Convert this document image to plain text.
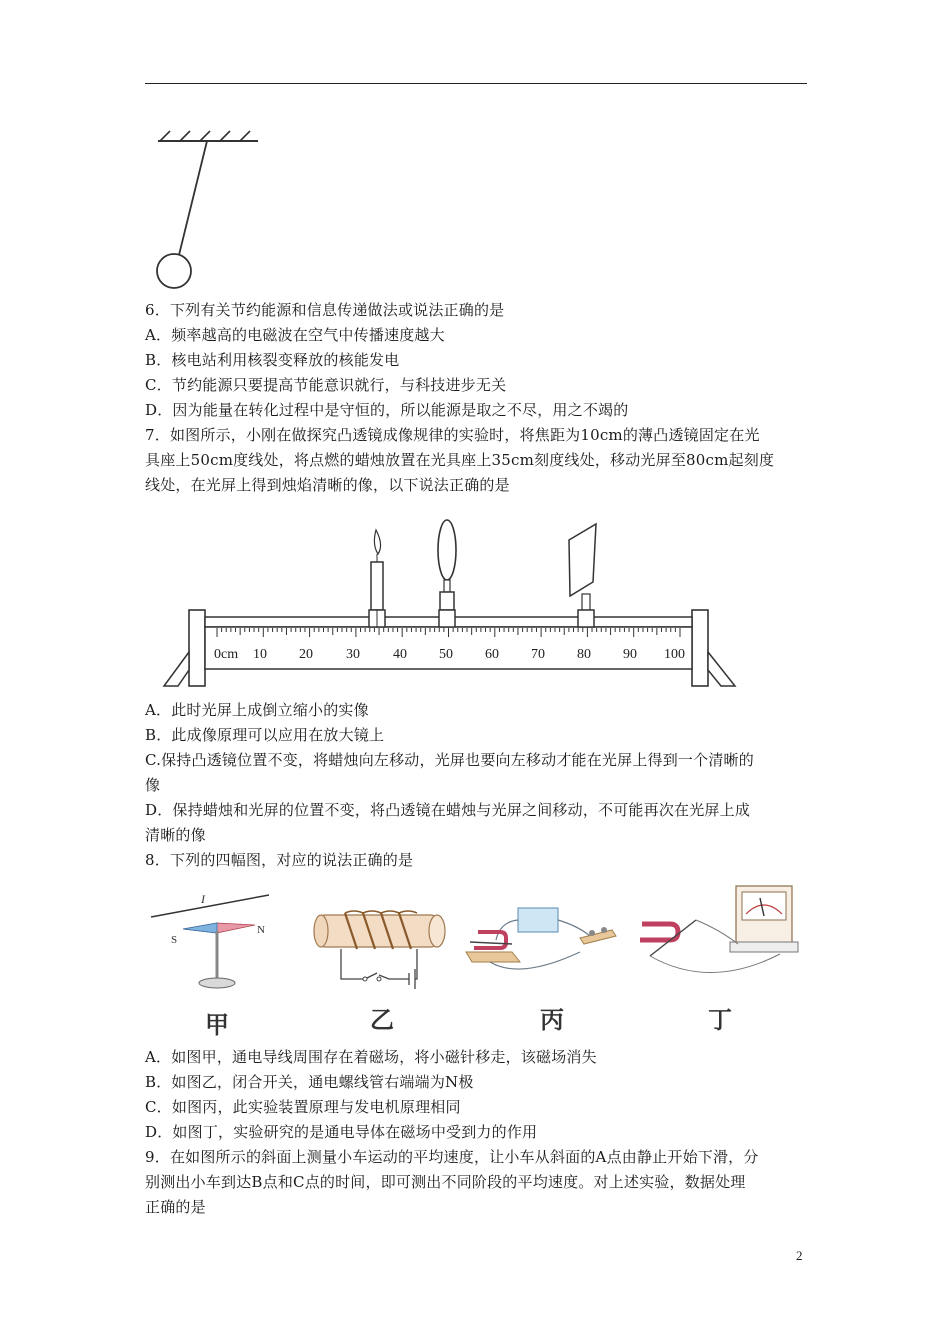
6．下列有关节约能源和信息传递做法或说法正确的是
A．频率越高的电磁波在空气中传播速度越大
B．核电站利用核裂变释放的核能发电
C．节约能源只要提高节能意识就行，与科技进步无关
D．因为能量在转化过程中是守恒的，所以能源是取之不尽，用之不竭的
7．如图所示，小刚在做探究凸透镜成像规律的实验时，将焦距为10cm的薄凸透镜固定在光
具座上50cm度线处，将点燃的蜡烛放置在光具座上35cm刻度线处，移动光屏至80cm起刻度
线处，在光屏上得到烛焰清晰的像，以下说法正确的是
0cm 10 20 30 40 50 60 70 80 90 100
A．此时光屏上成倒立缩小的实像
B．此成像原理可以应用在放大镜上
C.保持凸透镜位置不变，将蜡烛向左移动，光屏也要向左移动才能在光屏上得到一个清晰的
像
D．保持蜡烛和光屏的位置不变，将凸透镜在蜡烛与光屏之间移动，不可能再次在光屏上成
清晰的像
8．下列的四幅图，对应的说法正确的是
I
S
N
甲	乙	丙	丁
A．如图甲，通电导线周围存在着磁场，将小磁针移走，该磁场消失
B．如图乙，闭合开关，通电螺线管右端端为N极
C．如图丙，此实验装置原理与发电机原理相同
D．如图丁，实验研究的是通电导体在磁场中受到力的作用
9．在如图所示的斜面上测量小车运动的平均速度，让小车从斜面的A点由静止开始下滑，分
别测出小车到达B点和C点的时间，即可测出不同阶段的平均速度。对上述实验，数据处理
正确的是
2
